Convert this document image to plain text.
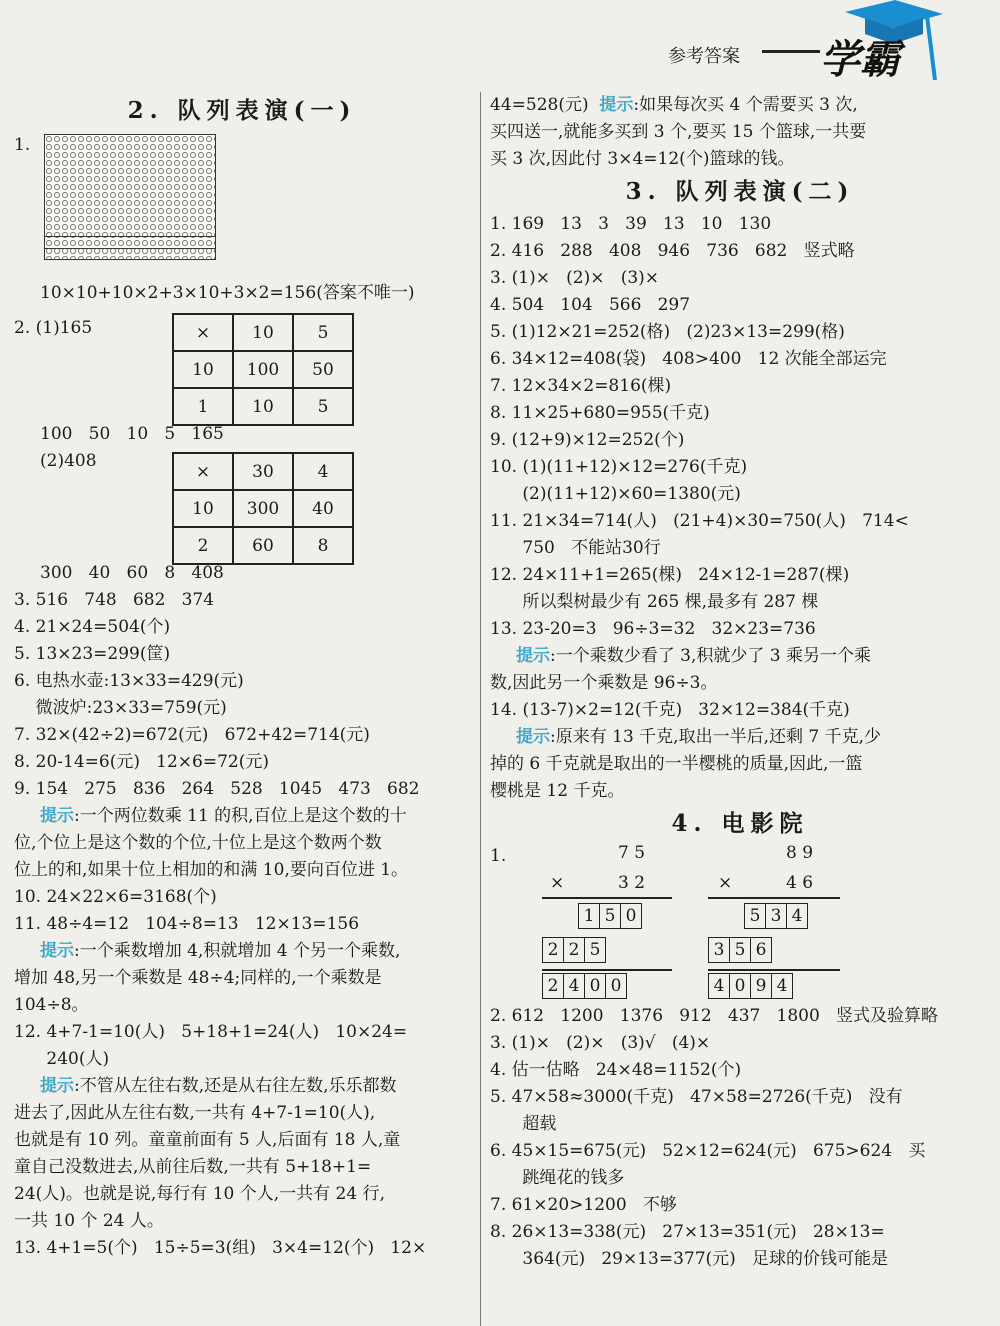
参考答案 学霸
2. 队列表演(一)
1.
10×10+10×2+3×10+3×2=156(答案不唯一)
2. (1)165	×	10	5
10	100	50
1	10	5
100   50   10   5   165
(2)408
×	30	4
10	300	40
2	60	8
300   40   60   8   408
3. 516   748   682   374
4. 21×24=504(个)
5. 13×23=299(筐)
6. 电热水壶:13×33=429(元)
微波炉:23×33=759(元)
7. 32×(42÷2)=672(元)   672+42=714(元)
8. 20-14=6(元)   12×6=72(元)
9. 154   275   836   264   528   1045   473   682
提示:一个两位数乘 11 的积,百位上是这个数的十
位,个位上是这个数的个位,十位上是这个数两个数
位上的和,如果十位上相加的和满 10,要向百位进 1。
10. 24×22×6=3168(个)
11. 48÷4=12   104÷8=13   12×13=156
提示:一个乘数增加 4,积就增加 4 个另一个乘数,
增加 48,另一个乘数是 48÷4;同样的,一个乘数是
104÷8。
12. 4+7-1=10(人)   5+18+1=24(人)   10×24=
240(人)
提示:不管从左往右数,还是从右往左数,乐乐都数
进去了,因此从左往右数,一共有 4+7-1=10(人),
也就是有 10 列。童童前面有 5 人,后面有 18 人,童
童自己没数进去,从前往后数,一共有 5+18+1=
24(人)。也就是说,每行有 10 个人,一共有 24 行,
一共 10 个 24 人。
13. 4+1=5(个)   15÷5=3(组)   3×4=12(个)   12×
44=528(元) 提示:如果每次买 4 个需要买 3 次,
买四送一,就能多买到 3 个,要买 15 个篮球,一共要
买 3 次,因此付 3×4=12(个)篮球的钱。
3. 队列表演(二)
1. 169   13   3   39   13   10   130
2. 416   288   408   946   736   682   竖式略
3. (1)×   (2)×   (3)×
4. 504   104   566   297
5. (1)12×21=252(格)   (2)23×13=299(格)
6. 34×12=408(袋)   408>400   12 次能全部运完
7. 12×34×2=816(棵)
8. 11×25+680=955(千克)
9. (12+9)×12=252(个)
10. (1)(11+12)×12=276(千克)
(2)(11+12)×60=1380(元)
11. 21×34=714(人)   (21+4)×30=750(人)   714<
750   不能站30行
12. 24×11+1=265(棵)   24×12-1=287(棵)
所以梨树最少有 265 棵,最多有 287 棵
13. 23-20=3   96÷3=32   32×23=736
提示:一个乘数少看了 3,积就少了 3 乘另一个乘
数,因此另一个乘数是 96÷3。
14. (13-7)×2=12(千克)   32×12=384(千克)
提示:原来有 13 千克,取出一半后,还剩 7 千克,少
掉的 6 千克就是取出的一半樱桃的质量,因此,一篮
樱桃是 12 千克。
4. 电影院
1.	7 5
×	3 2
1 5 0
2 2 5
2 4 0 0
8 9
×	4 6
5 3 4
3 5 6
4 0 9 4
2. 612   1200   1376   912   437   1800   竖式及验算略
3. (1)×   (2)×   (3)√   (4)×
4. 估一估略   24×48=1152(个)
5. 47×58≈3000(千克)   47×58=2726(千克)   没有
超载
6. 45×15=675(元)   52×12=624(元)   675>624   买
跳绳花的钱多
7. 61×20>1200   不够
8. 26×13=338(元)   27×13=351(元)   28×13=
364(元)   29×13=377(元)   足球的价钱可能是
